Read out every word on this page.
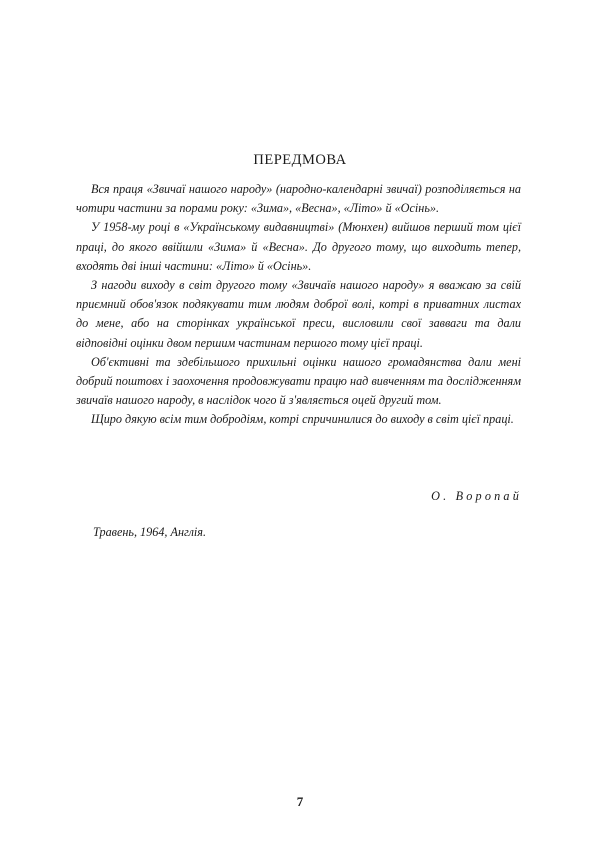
ПЕРЕДМОВА

Вся праця «Звичаї нашого народу» (народно-календарні звичаї) розподіляється на чотири частини за порами року: «Зима», «Весна», «Літо» й «Осінь».

У 1958-му році в «Українському видавництві» (Мюнхен) вийшов перший том цієї праці, до якого ввійшли «Зима» й «Весна». До другого тому, що виходить тепер, входять дві інші частини: «Літо» й «Осінь».

З нагоди виходу в світ другого тому «Звичаїв нашого народу» я вважаю за свій приємний обов'язок подякувати тим людям доброї волі, котрі в приватних листах до мене, або на сторінках української преси, висловили свої завваги та дали відповідні оцінки двом першим частинам першого тому цієї праці.

Об'єктивні та здебільшого прихильні оцінки нашого громадянства дали мені добрий поштовх і заохочення продовжувати працю над вивченням та дослідженням звичаїв нашого народу, в наслідок чого й з'являється оцей другий том.

Щиро дякую всім тим добродіям, котрі спричинилися до виходу в світ цієї праці.

О. Воропай
Травень, 1964, Англія.
7
